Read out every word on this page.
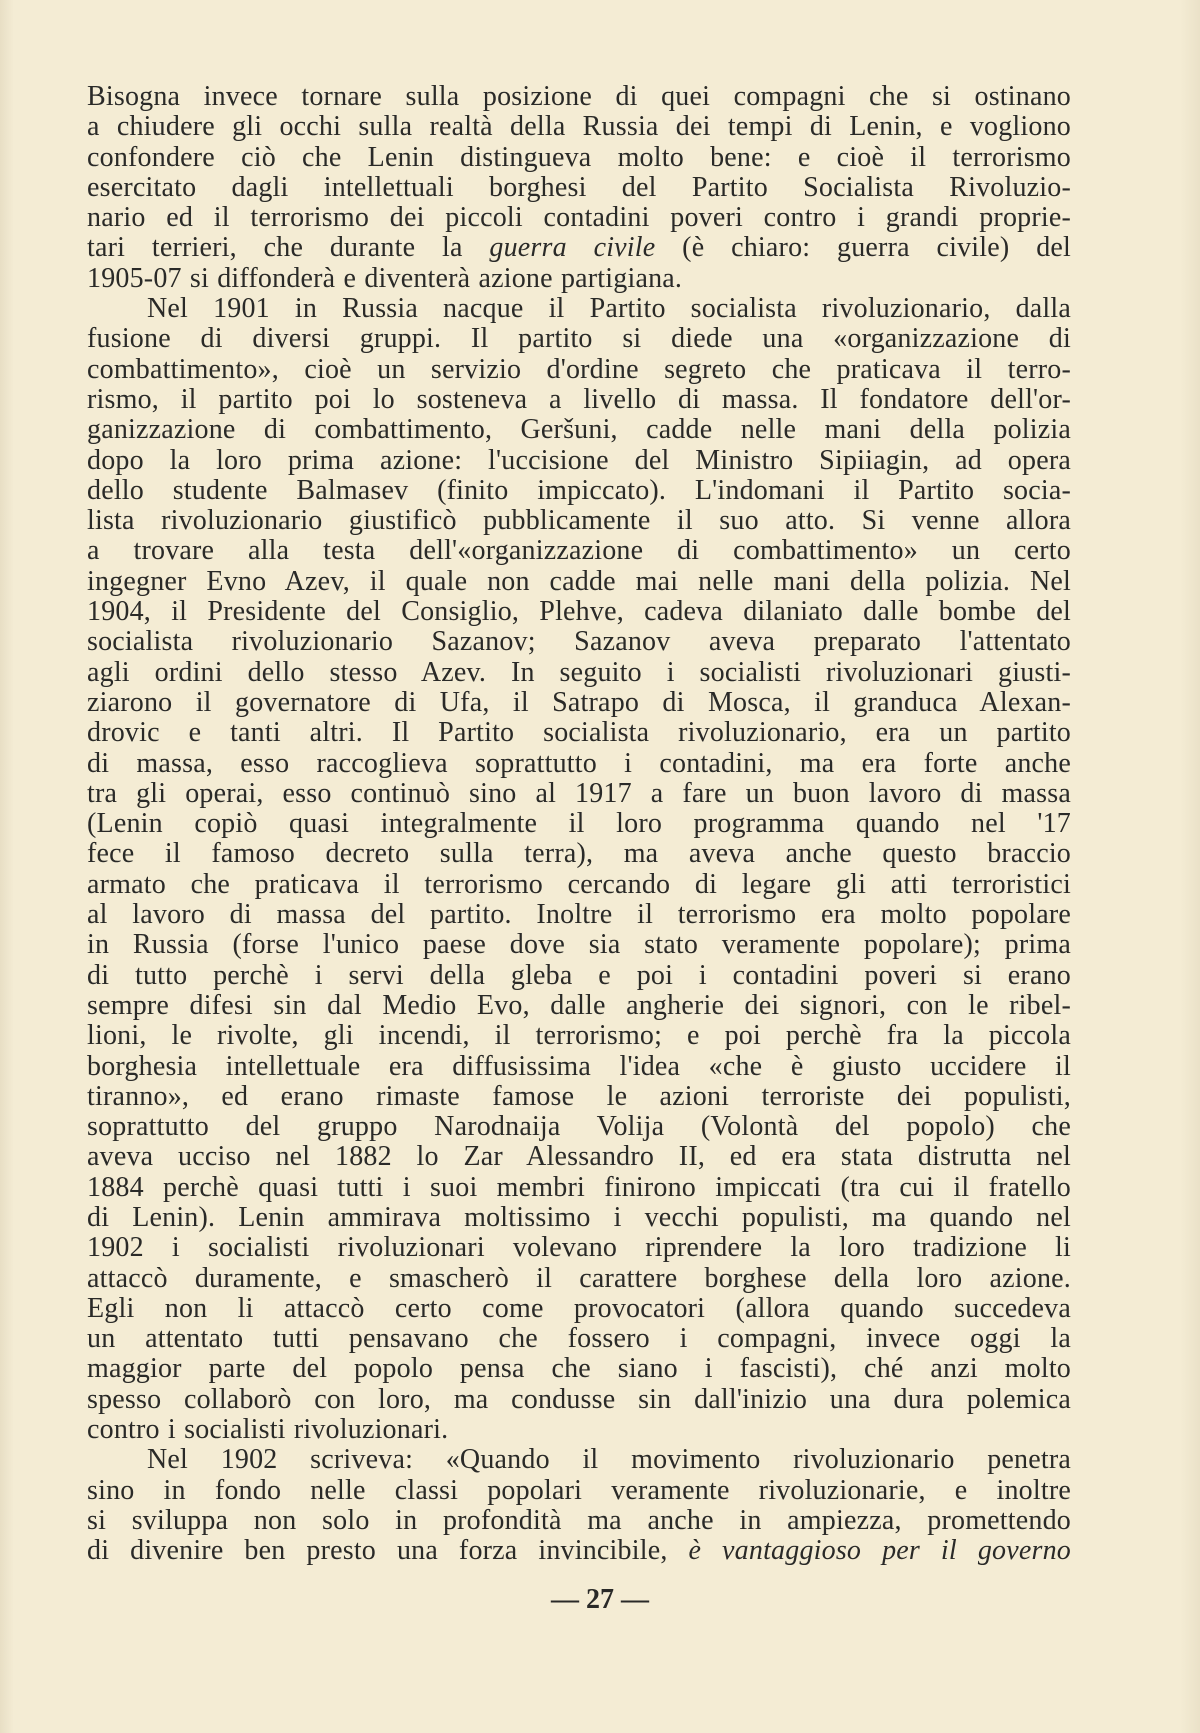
Bisogna invece tornare sulla posizione di quei compagni che si ostinano
a chiudere gli occhi sulla realtà della Russia dei tempi di Lenin, e vogliono
confondere ciò che Lenin distingueva molto bene: e cioè il terrorismo
esercitato dagli intellettuali borghesi del Partito Socialista Rivoluzio-
nario ed il terrorismo dei piccoli contadini poveri contro i grandi proprie-
tari terrieri, che durante la guerra civile (è chiaro: guerra civile) del
1905-07 si diffonderà e diventerà azione partigiana.
Nel 1901 in Russia nacque il Partito socialista rivoluzionario, dalla
fusione di diversi gruppi. Il partito si diede una «organizzazione di
combattimento», cioè un servizio d'ordine segreto che praticava il terro-
rismo, il partito poi lo sosteneva a livello di massa. Il fondatore dell'or-
ganizzazione di combattimento, Geršuni, cadde nelle mani della polizia
dopo la loro prima azione: l'uccisione del Ministro Sipiiagin, ad opera
dello studente Balmasev (finito impiccato). L'indomani il Partito socia-
lista rivoluzionario giustificò pubblicamente il suo atto. Si venne allora
a trovare alla testa dell'«organizzazione di combattimento» un certo
ingegner Evno Azev, il quale non cadde mai nelle mani della polizia. Nel
1904, il Presidente del Consiglio, Plehve, cadeva dilaniato dalle bombe del
socialista rivoluzionario Sazanov; Sazanov aveva preparato l'attentato
agli ordini dello stesso Azev. In seguito i socialisti rivoluzionari giusti-
ziarono il governatore di Ufa, il Satrapo di Mosca, il granduca Alexan-
drovic e tanti altri. Il Partito socialista rivoluzionario, era un partito
di massa, esso raccoglieva soprattutto i contadini, ma era forte anche
tra gli operai, esso continuò sino al 1917 a fare un buon lavoro di massa
(Lenin copiò quasi integralmente il loro programma quando nel '17
fece il famoso decreto sulla terra), ma aveva anche questo braccio
armato che praticava il terrorismo cercando di legare gli atti terroristici
al lavoro di massa del partito. Inoltre il terrorismo era molto popolare
in Russia (forse l'unico paese dove sia stato veramente popolare); prima
di tutto perchè i servi della gleba e poi i contadini poveri si erano
sempre difesi sin dal Medio Evo, dalle angherie dei signori, con le ribel-
lioni, le rivolte, gli incendi, il terrorismo; e poi perchè fra la piccola
borghesia intellettuale era diffusissima l'idea «che è giusto uccidere il
tiranno», ed erano rimaste famose le azioni terroriste dei populisti,
soprattutto del gruppo Narodnaija Volija (Volontà del popolo) che
aveva ucciso nel 1882 lo Zar Alessandro II, ed era stata distrutta nel
1884 perchè quasi tutti i suoi membri finirono impiccati (tra cui il fratello
di Lenin). Lenin ammirava moltissimo i vecchi populisti, ma quando nel
1902 i socialisti rivoluzionari volevano riprendere la loro tradizione li
attaccò duramente, e smascherò il carattere borghese della loro azione.
Egli non li attaccò certo come provocatori (allora quando succedeva
un attentato tutti pensavano che fossero i compagni, invece oggi la
maggior parte del popolo pensa che siano i fascisti), ché anzi molto
spesso collaborò con loro, ma condusse sin dall'inizio una dura polemica
contro i socialisti rivoluzionari.
Nel 1902 scriveva: «Quando il movimento rivoluzionario penetra
sino in fondo nelle classi popolari veramente rivoluzionarie, e inoltre
si sviluppa non solo in profondità ma anche in ampiezza, promettendo
di divenire ben presto una forza invincibile, è vantaggioso per il governo
— 27 —
